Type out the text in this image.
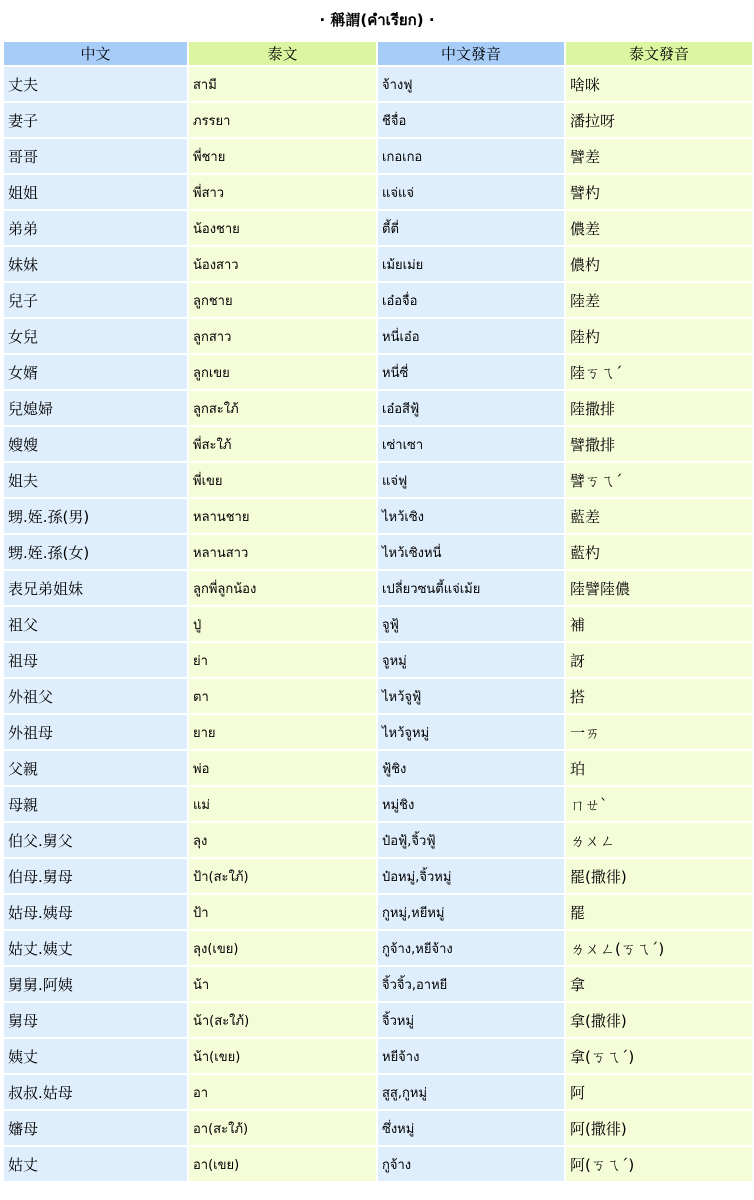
· 稱謂(คำเรียก) ·
中文	泰文	中文發音	泰文發音
丈夫	สามี	จ้างฟู	啥咪
妻子	ภรรยา	ชีจื่อ	潘拉呀
哥哥	พี่ชาย	เกอเกอ	譬差
姐姐	พี่สาว	แจ่แจ่	譬杓
弟弟	น้องชาย	ตี้ตี่	儂差
妹妹	น้องสาว	เม้ยเม่ย	儂杓
兒子	ลูกชาย	เอ๋อจื่อ	陸差
女兒	ลูกสาว	หนี่เอ๋อ	陸杓
女婿	ลูกเขย	หนี่ซี่	陸ㄎㄟˊ
兒媳婦	ลูกสะใภ้	เอ๋อสีฟู้	陸撒排
嫂嫂	พี่สะใภ้	เซ่าเซา	譬撒排
姐夫	พี่เขย	แจ่ฟู	譬ㄎㄟˊ
甥.姪.孫(男)	หลานชาย	ไหว้เซิง	藍差
甥.姪.孫(女)	หลานสาว	ไหว้เซิงหนี่	藍杓
表兄弟姐妹	ลูกพี่ลูกน้อง	เปลี่ยวซนตี้แจ่เม้ย	陸譬陸儂
祖父	ปู่	จูฟู้	補
祖母	ย่า	จูหมู่	訝
外祖父	ตา	ไหว้จูฟู้	搭
外祖母	ยาย	ไหว้จูหมู่	一ㄞ
父親	พ่อ	ฟู้ชิง	珀
母親	แม่	หมู่ชิง	ㄇㄝˋ
伯父.舅父	ลุง	ป๋อฟู้,จิ้วฟู้	ㄌㄨㄥ
伯母.舅母	ป้า(สะใภ้)	ป๋อหมู่,จิ้วหมู่	罷(撒徘)
姑母.姨母	ป้า	กูหมู่,หยีหมู่	罷
姑丈.姨丈	ลุง(เขย)	กูจ้าง,หยีจ้าง	ㄌㄨㄥ(ㄎㄟˊ)
舅舅.阿姨	น้า	จิ้วจิ้ว,อาหยี	拿
舅母	น้า(สะใภ้)	จิ้วหมู่	拿(撒徘)
姨丈	น้า(เขย)	หยีจ้าง	拿(ㄎㄟˊ)
叔叔.姑母	อา	สูสู,กูหมู่	阿
嬸母	อา(สะใภ้)	ซึ่งหมู่	阿(撒徘)
姑丈	อา(เขย)	กูจ้าง	阿(ㄎㄟˊ)
